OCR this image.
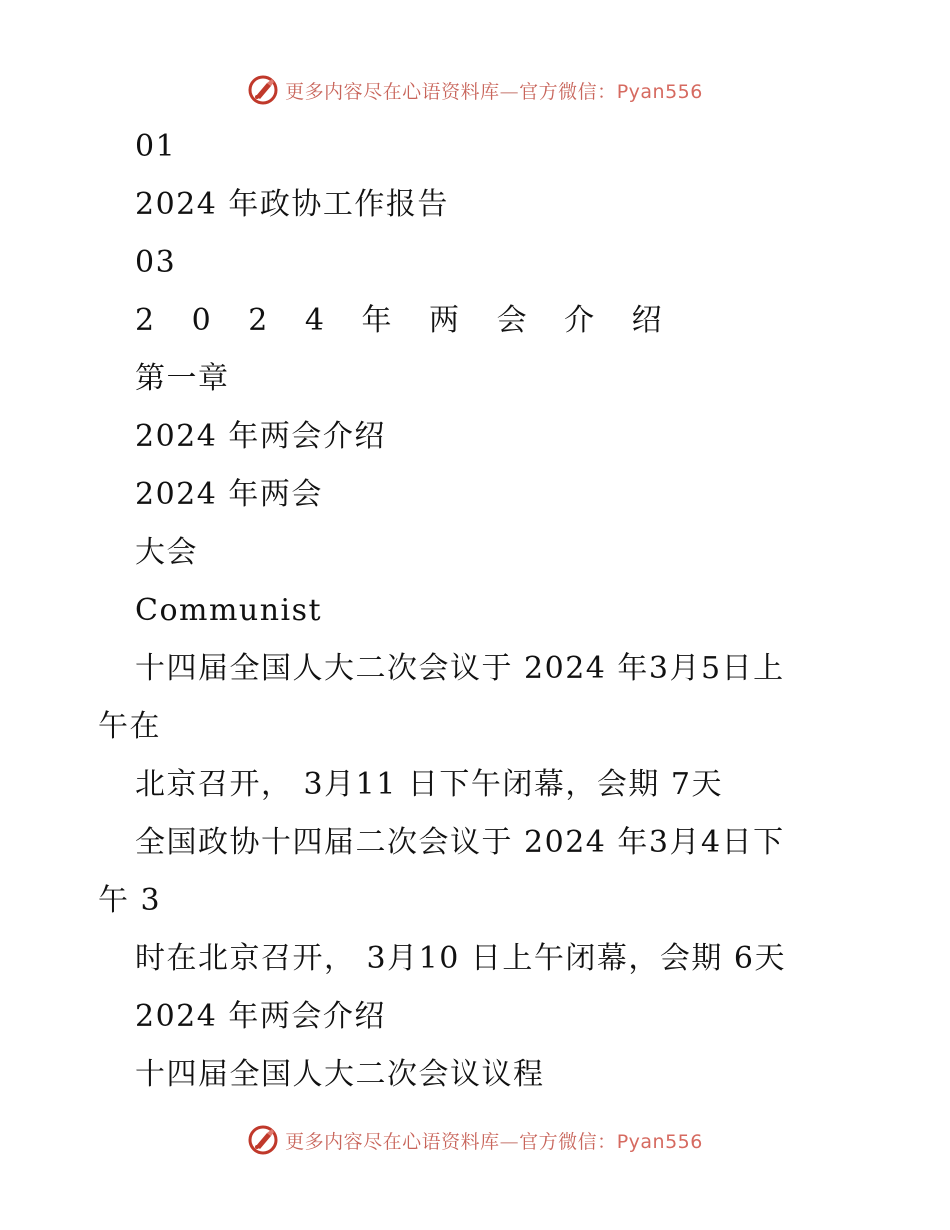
更多内容尽在心语资料库—官方微信：Pyan556
01
2024 年政协工作报告
03
2 0 2 4 年 两 会 介 绍
第一章
2024 年两会介绍
2024 年两会
大会
Communist
十四届全国人大二次会议于 2024 年3月5日上
午在
北京召开， 3月11 日下午闭幕，会期 7天
全国政协十四届二次会议于 2024 年3月4日下
午 3
时在北京召开， 3月10 日上午闭幕，会期 6天
2024 年两会介绍
十四届全国人大二次会议议程
更多内容尽在心语资料库—官方微信：Pyan556
